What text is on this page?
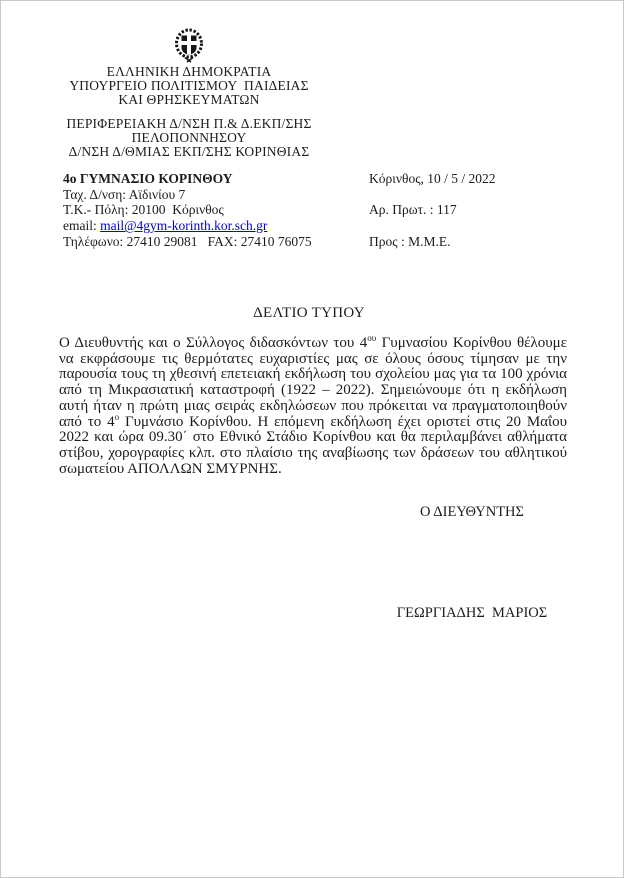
ΕΛΛΗΝΙΚΗ ΔΗΜΟΚΡΑΤΙΑ
ΥΠΟΥΡΓΕΙΟ ΠΟΛΙΤΙΣΜΟΥ  ΠΑΙΔΕΙΑΣ
ΚΑΙ ΘΡΗΣΚΕΥΜΑΤΩΝ
ΠΕΡΙΦΕΡΕΙΑΚΗ Δ/ΝΣΗ Π.& Δ.ΕΚΠ/ΣΗΣ
ΠΕΛΟΠΟΝΝΗΣΟΥ
Δ/ΝΣΗ Δ/ΘΜΙΑΣ ΕΚΠ/ΣΗΣ ΚΟΡΙΝΘΙΑΣ
4ο ΓΥΜΝΑΣΙΟ ΚΟΡΙΝΘΟΥ
Ταχ. Δ/νση: Αϊδινίου 7
Τ.Κ.- Πόλη: 20100  Κόρινθος
email: mail@4gym-korinth.kor.sch.gr
Τηλέφωνο: 27410 29081   FAX: 27410 76075
Κόρινθος, 10 / 5 / 2022
Αρ. Πρωτ. : 117
Προς : Μ.Μ.Ε.
ΔΕΛΤΙΟ ΤΥΠΟΥ
Ο Διευθυντής και ο Σύλλογος διδασκόντων του $4^{o\upsilon}$ Γυμνασίου Κορίνθου θέλουμε να εκφράσουμε τις θερμότατες ευχαριστίες μας σε όλους όσους τίμησαν με την παρουσία τους τη χθεσινή επετειακή εκδήλωση του σχολείου μας για τα 100 χρόνια από τη Μικρασιατική καταστροφή (1922 – 2022). Σημειώνουμε ότι η εκδήλωση αυτή ήταν η πρώτη μιας σειράς εκδηλώσεων που πρόκειται να πραγματοποιηθούν από το $4^o$ Γυμνάσιο Κορίνθου. Η επόμενη εκδήλωση έχει οριστεί στις 20 Μαΐου 2022 και ώρα 09.30΄ στο Εθνικό Στάδιο Κορίνθου και θα περιλαμβάνει αθλήματα στίβου, χορογραφίες κλπ. στο πλαίσιο της αναβίωσης των δράσεων του αθλητικού σωματείου ΑΠΟΛΛΩΝ ΣΜΥΡΝΗΣ.
Ο ΔΙΕΥΘΥΝΤΗΣ
ΓΕΩΡΓΙΑΔΗΣ  ΜΑΡΙΟΣ
